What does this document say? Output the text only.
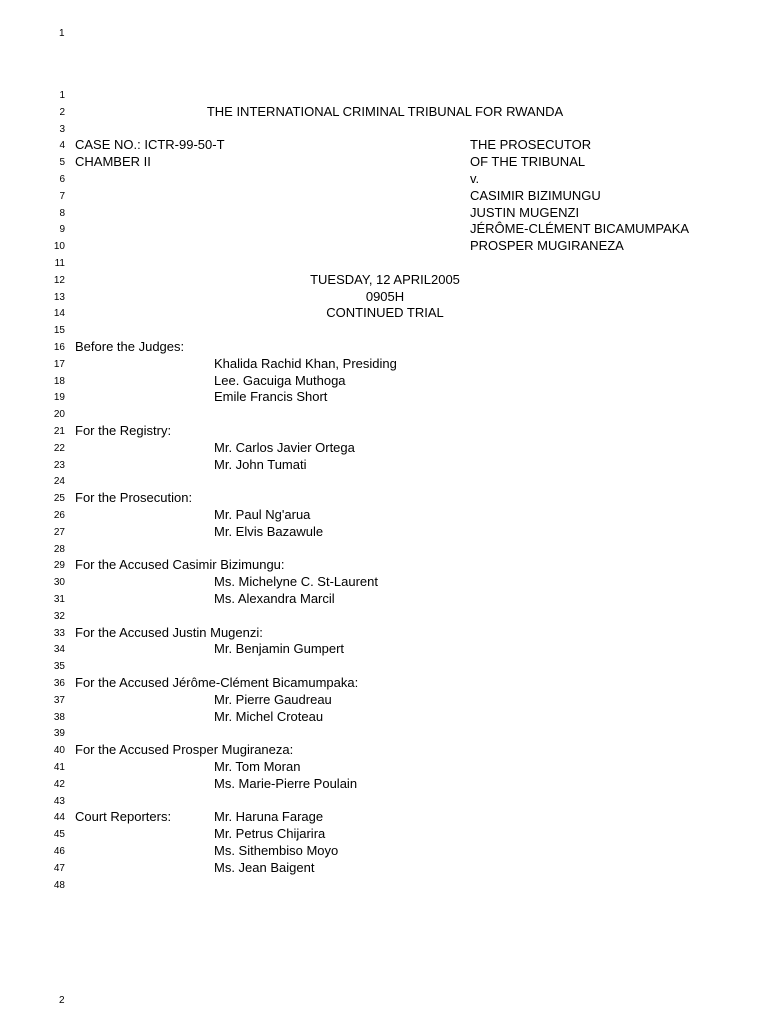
1
1
2	THE INTERNATIONAL CRIMINAL TRIBUNAL FOR RWANDA
3
4 CASE NO.: ICTR-99-50-T	THE PROSECUTOR
5 CHAMBER II	OF THE TRIBUNAL
6	v.
7	CASIMIR BIZIMUNGU
8	JUSTIN MUGENZI
9	JÉRÔME-CLÉMENT BICAMUMPAKA
10	PROSPER MUGIRANEZA
11
12	TUESDAY, 12 APRIL2005
13	0905H
14	CONTINUED TRIAL
15
16 Before the Judges:
17	Khalida Rachid Khan, Presiding
18	Lee. Gacuiga Muthoga
19	Emile Francis Short
20
21 For the Registry:
22	Mr. Carlos Javier Ortega
23	Mr. John Tumati
24
25 For the Prosecution:
26	Mr. Paul Ng'arua
27	Mr. Elvis Bazawule
28
29 For the Accused Casimir Bizimungu:
30	Ms. Michelyne C. St-Laurent
31	Ms. Alexandra Marcil
32
33 For the Accused Justin Mugenzi:
34	Mr. Benjamin Gumpert
35
36 For the Accused Jérôme-Clément Bicamumpaka:
37	Mr. Pierre Gaudreau
38	Mr. Michel Croteau
39
40 For the Accused Prosper Mugiraneza:
41	Mr. Tom Moran
42	Ms. Marie-Pierre Poulain
43
44 Court Reporters:	Mr. Haruna Farage
45	Mr. Petrus Chijarira
46	Ms. Sithembiso Moyo
47	Ms. Jean Baigent
48
2
